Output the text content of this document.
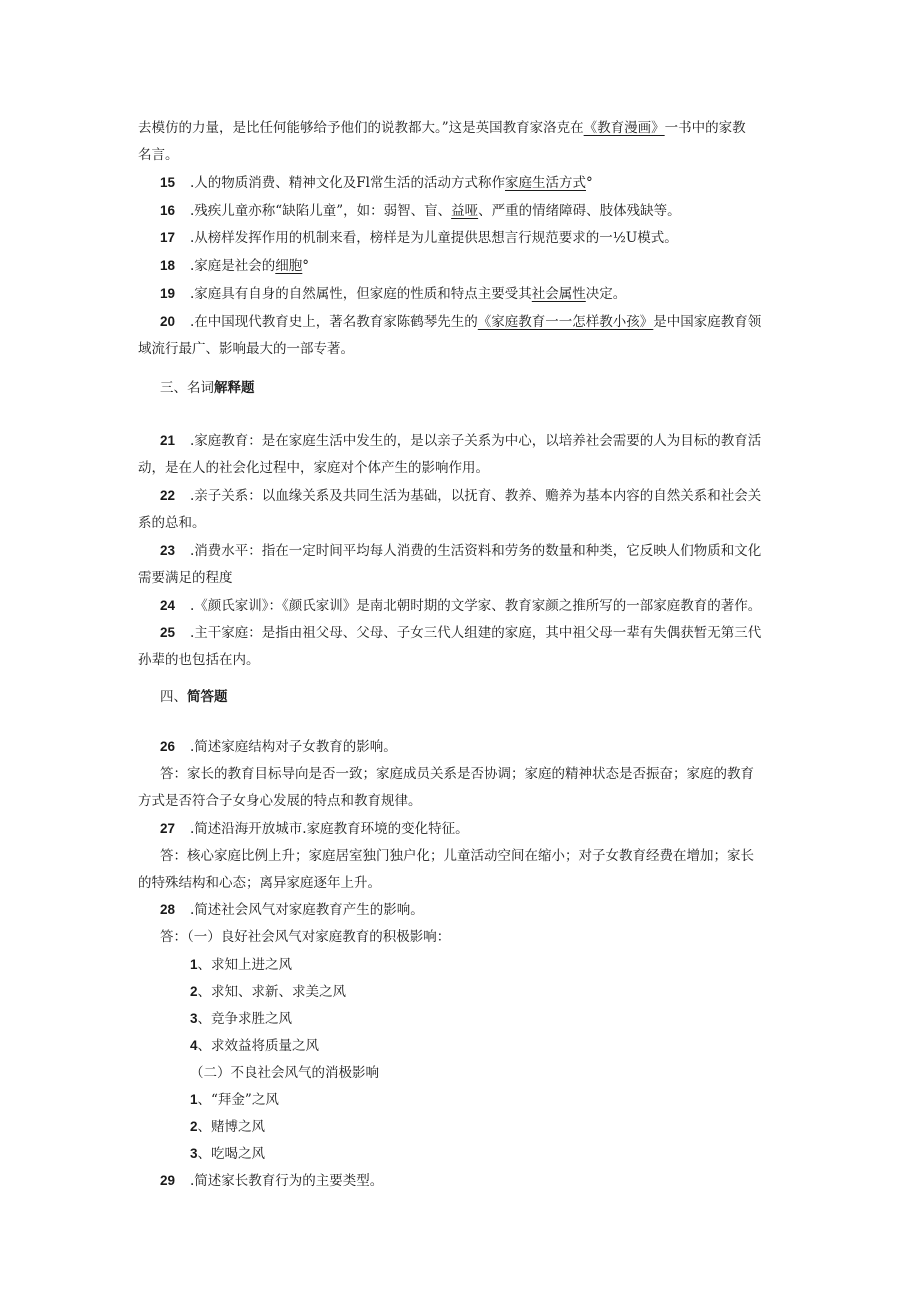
去模仿的力量，是比任何能够给予他们的说教都大。”这是英国教育家洛克在《教育漫画》一书中的家教
名言。
15 .人的物质消费、精神文化及Fl常生活的活动方式称作家庭生活方式°
16 .残疾儿童亦称“缺陷儿童”，如：弱智、盲、益哑、严重的情绪障碍、肢体残缺等。
17 .从榜样发挥作用的机制来看，榜样是为儿童提供思想言行规范要求的一½U模式。
18 .家庭是社会的细胞°
19 .家庭具有自身的自然属性，但家庭的性质和特点主要受其社会属性决定。
20 .在中国现代教育史上，著名教育家陈鹤琴先生的《家庭教育一一怎样教小孩》是中国家庭教育领
域流行最广、影响最大的一部专著。
三、名词解释题
21 .家庭教育：是在家庭生活中发生的，是以亲子关系为中心，以培养社会需要的人为目标的教育活
动，是在人的社会化过程中，家庭对个体产生的影响作用。
22 .亲子关系：以血缘关系及共同生活为基础，以抚育、教养、赡养为基本内容的自然关系和社会关
系的总和。
23 .消费水平：指在一定时间平均每人消费的生活资料和劳务的数量和种类，它反映人们物质和文化
需要满足的程度
24 .《颜氏家训》：《颜氏家训》是南北朝时期的文学家、教育家颜之推所写的一部家庭教育的著作。
25 .主干家庭：是指由祖父母、父母、子女三代人组建的家庭，其中祖父母一辈有失偶获暂无第三代
孙辈的也包括在内。
四、简答题
26 .简述家庭结构对子女教育的影响。
答：家长的教育目标导向是否一致；家庭成员关系是否协调；家庭的精神状态是否振奋；家庭的教育
方式是否符合子女身心发展的特点和教育规律。
27 .简述沿海开放城市.家庭教育环境的变化特征。
答：核心家庭比例上升；家庭居室独门独户化；儿童活动空间在缩小；对子女教育经费在增加；家长
的特殊结构和心态；离异家庭逐年上升。
28 .简述社会风气对家庭教育产生的影响。
答：（一）良好社会风气对家庭教育的积极影响：
1、求知上进之风
2、求知、求新、求美之风
3、竞争求胜之风
4、求效益将质量之风
（二）不良社会风气的消极影响
1、“拜金”之风
2、赌博之风
3、吃喝之风
29 .简述家长教育行为的主要类型。
